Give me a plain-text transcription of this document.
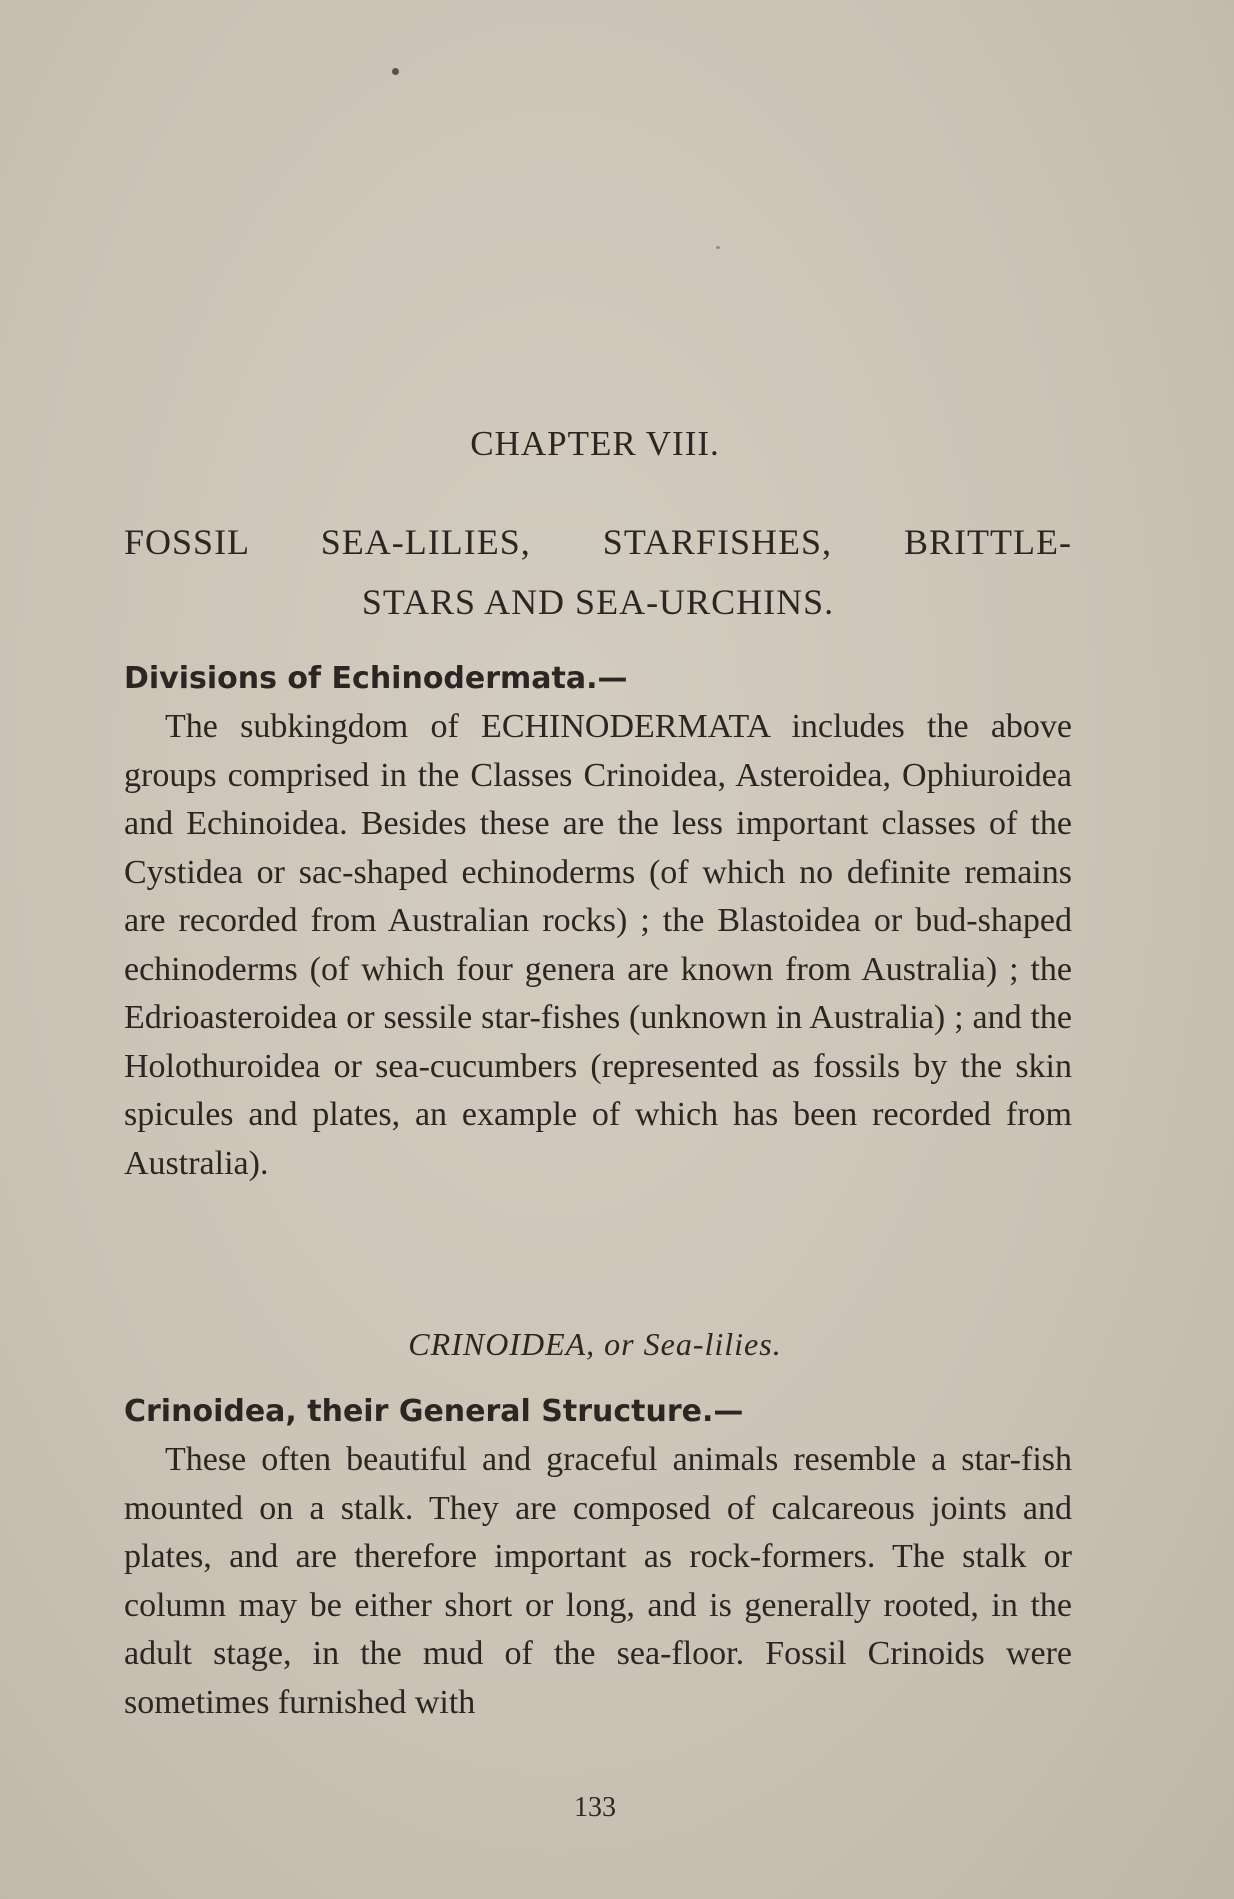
CHAPTER VIII.
FOSSIL SEA-LILIES, STARFISHES, BRITTLE-
STARS AND SEA-URCHINS.
Divisions of Echinodermata.—
The subkingdom of ECHINODERMATA includes the above groups comprised in the Classes Crinoidea, Asteroidea, Ophiuroidea and Echinoidea. Besides these are the less important classes of the Cystidea or sac-shaped echinoderms (of which no definite remains are recorded from Australian rocks) ; the Blastoidea or bud-shaped echinoderms (of which four genera are known from Australia) ; the Edrioasteroidea or sessile star-fishes (unknown in Australia) ; and the Holothuroidea or sea-cucumbers (represented as fossils by the skin spicules and plates, an example of which has been recorded from Australia).
CRINOIDEA, or Sea-lilies.
Crinoidea, their General Structure.—
These often beautiful and graceful animals resemble a star-fish mounted on a stalk. They are composed of calcareous joints and plates, and are therefore important as rock-formers. The stalk or column may be either short or long, and is generally rooted, in the adult stage, in the mud of the sea-floor. Fossil Crinoids were sometimes furnished with
133
